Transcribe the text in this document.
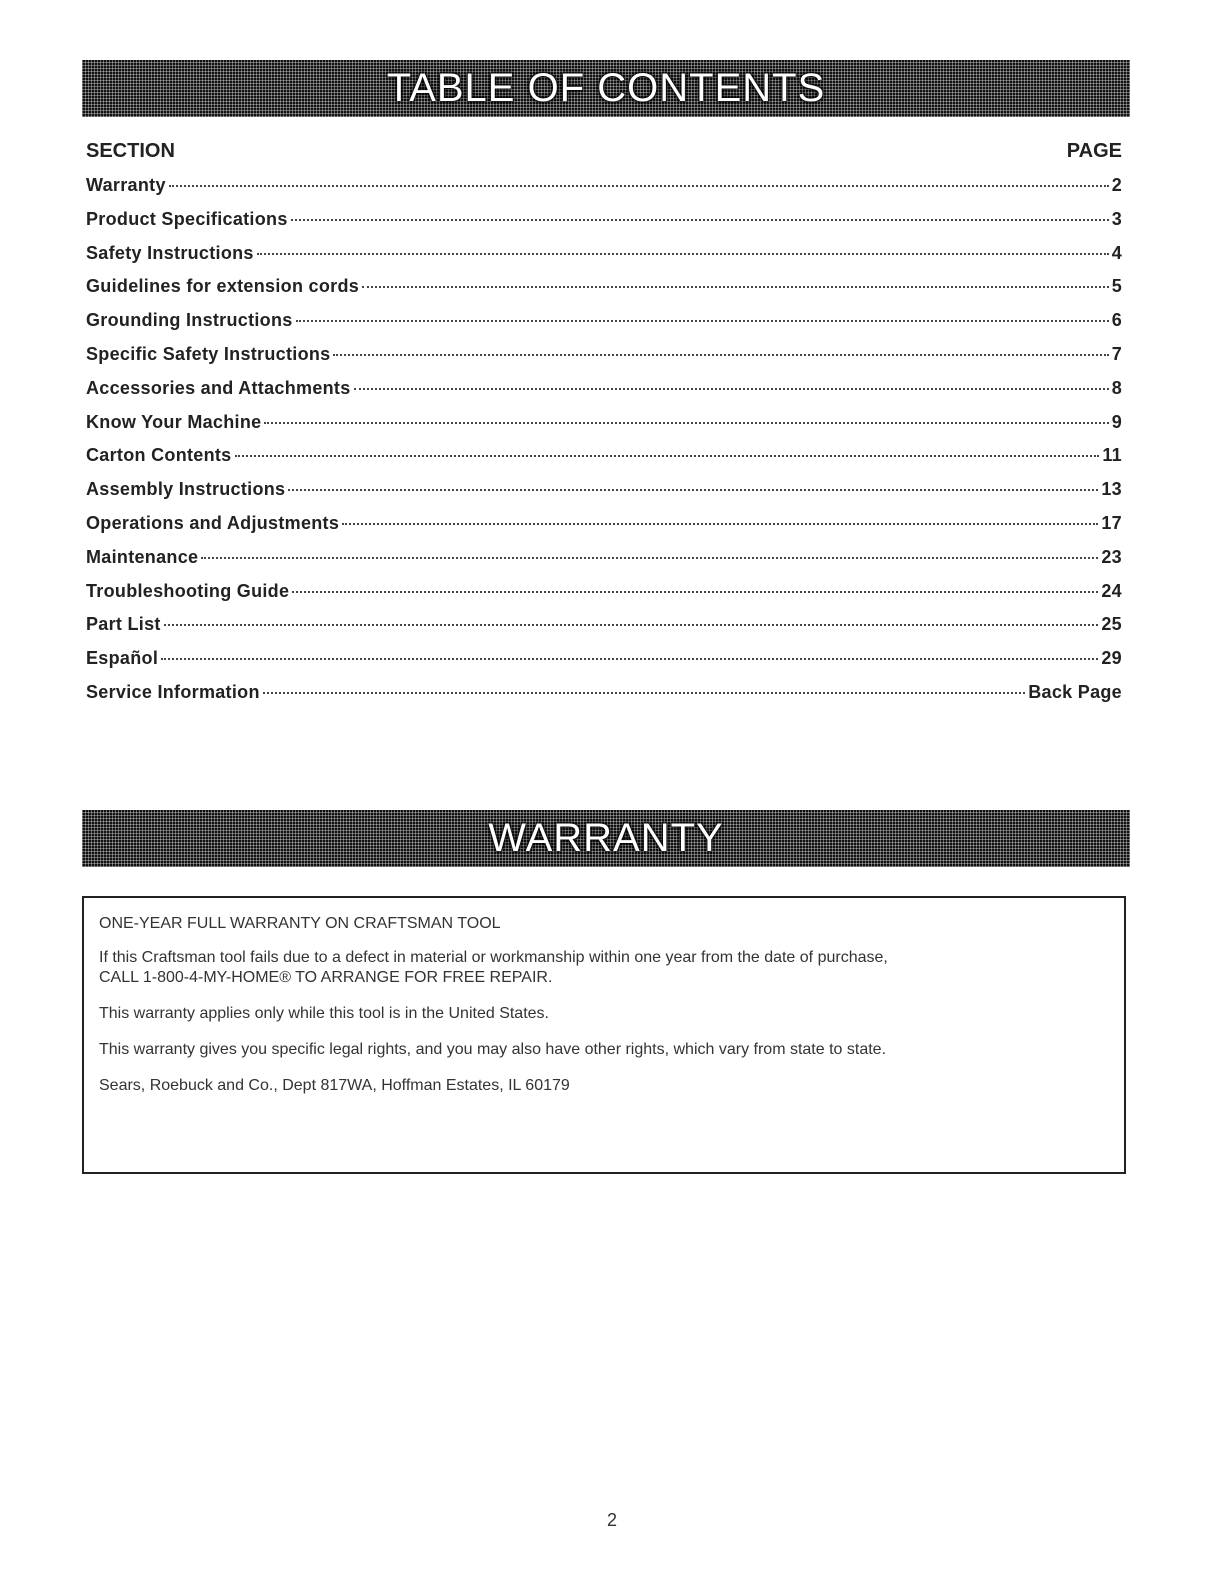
TABLE OF CONTENTS
SECTION	PAGE
Warranty	2
Product Specifications	3
Safety Instructions	4
Guidelines for extension cords	5
Grounding Instructions	6
Specific Safety Instructions	7
Accessories and Attachments	8
Know Your Machine	9
Carton Contents	11
Assembly Instructions	13
Operations and Adjustments	17
Maintenance	23
Troubleshooting Guide	24
Part List	25
Español	29
Service Information	Back Page
WARRANTY

ONE-YEAR FULL WARRANTY ON CRAFTSMAN TOOL

If this Craftsman tool fails due to a defect in material or workmanship within one year from the date of purchase,
CALL 1-800-4-MY-HOME® TO ARRANGE FOR FREE REPAIR.

This warranty applies only while this tool is in the United States.

This warranty gives you specific legal rights, and you may also have other rights, which vary from state to state.

Sears, Roebuck and Co., Dept 817WA, Hoffman Estates, IL 60179

2
